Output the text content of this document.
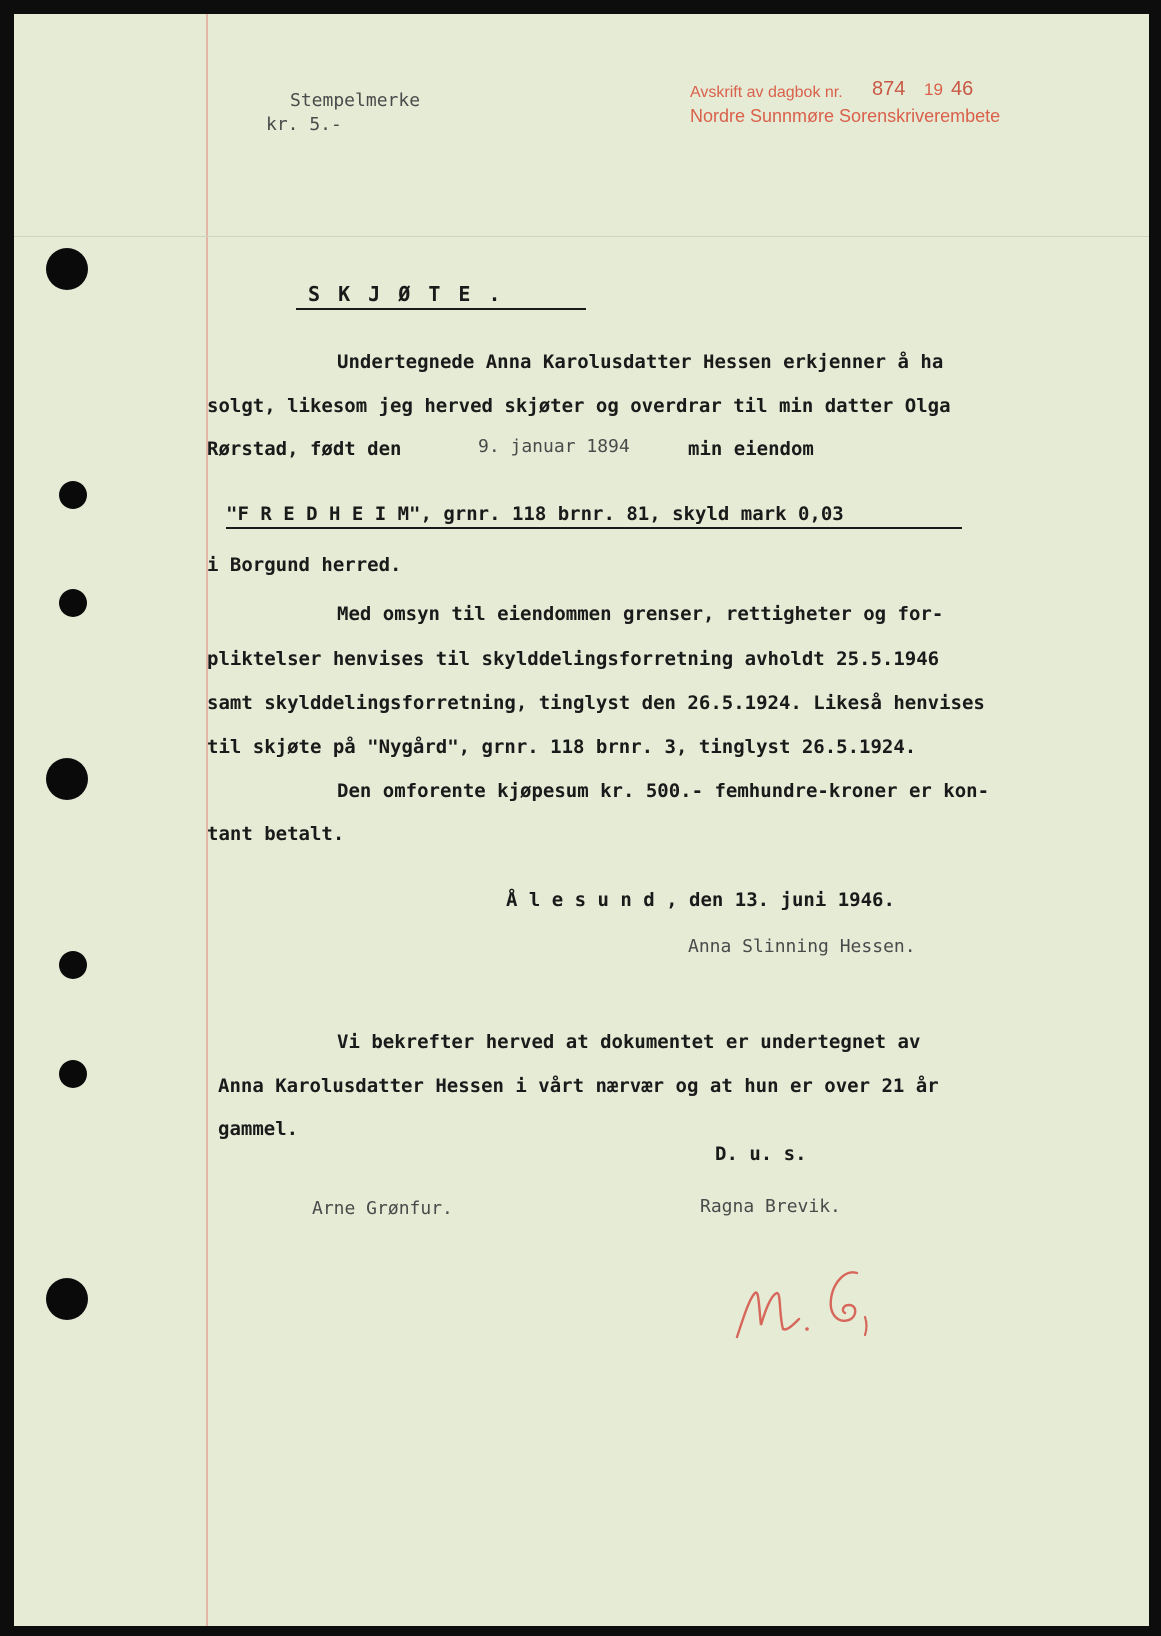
Stempelmerke
kr. 5.-
Avskrift av dagbok nr. 874 19 46
Nordre Sunnmøre Sorenskriverembete
S K J Ø T E .
Undertegnede Anna Karolusdatter Hessen erkjenner å ha
solgt, likesom jeg herved skjøter og overdrar til min datter Olga
Rørstad, født den	9. januar 1894	min eiendom
"F R E D H E I M", grnr. 118 brnr. 81, skyld mark 0,03
i Borgund herred.
Med omsyn til eiendommen grenser, rettigheter og for-
pliktelser henvises til skylddelingsforretning avholdt 25.5.1946
samt skylddelingsforretning, tinglyst den 26.5.1924. Likeså henvises
til skjøte på "Nygård", grnr. 118 brnr. 3, tinglyst 26.5.1924.
Den omforente kjøpesum kr. 500.- femhundre-kroner er kon-
tant betalt.
Å l e s u n d , den 13. juni 1946.
Anna Slinning Hessen.
Vi bekrefter herved at dokumentet er undertegnet av
Anna Karolusdatter Hessen i vårt nærvær og at hun er over 21 år
gammel.
D. u. s.
Arne Grønfur.	Ragna Brevik.
